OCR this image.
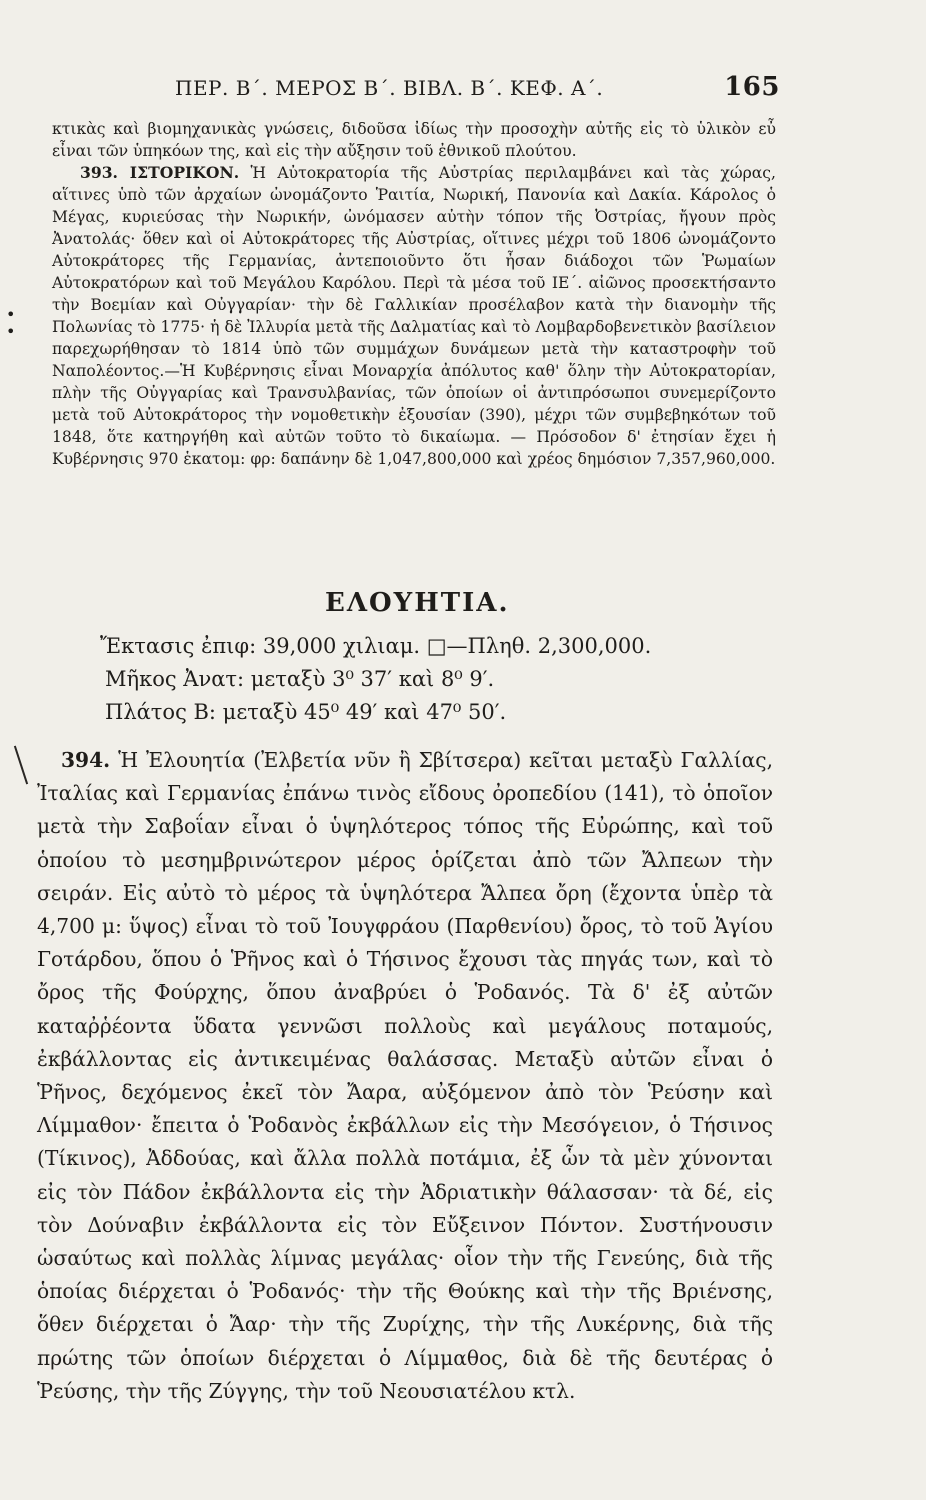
ΠΕΡ. Β΄. ΜΕΡΟΣ Β΄. ΒΙΒΛ. Β΄. ΚΕΦ. Α΄.	165

κτικὰς καὶ βιομηχανικὰς γνώσεις, διδοῦσα ἰδίως τὴν προσοχὴν αὐτῆς εἰς τὸ ὑλικὸν εὖ εἶναι τῶν ὑπηκόων της, καὶ εἰς τὴν αὔξησιν τοῦ ἐθνικοῦ πλούτου.

393. ΙΣΤΟΡΙΚΟΝ. Ἡ Αὐτοκρατορία τῆς Αὐστρίας περιλαμβάνει καὶ τὰς χώρας, αἵτινες ὑπὸ τῶν ἀρχαίων ὠνομάζοντο Ῥαιτία, Νωρική, Πανονία καὶ Δακία. Κάρολος ὁ Μέγας, κυριεύσας τὴν Νωρικήν, ὠνόμασεν αὐτὴν τόπον τῆς Ὀστρίας, ἤγουν πρὸς Ἀνατολάς· ὅθεν καὶ οἱ Αὐτοκράτορες τῆς Αὐστρίας, οἵτινες μέχρι τοῦ 1806 ὠνομάζοντο Αὐτοκράτορες τῆς Γερμανίας, ἀντεποιοῦντο ὅτι ἦσαν διάδοχοι τῶν Ῥωμαίων Αὐτοκρατόρων καὶ τοῦ Μεγάλου Καρόλου. Περὶ τὰ μέσα τοῦ ΙΕ΄. αἰῶνος προσεκτήσαντο τὴν Βοεμίαν καὶ Οὐγγαρίαν· τὴν δὲ Γαλλικίαν προσέλαβον κατὰ τὴν διανομὴν τῆς Πολωνίας τὸ 1775· ἡ δὲ Ἰλλυρία μετὰ τῆς Δαλματίας καὶ τὸ Λομβαρδοβενετικὸν βασίλειον παρεχωρήθησαν τὸ 1814 ὑπὸ τῶν συμμάχων δυνάμεων μετὰ τὴν καταστροφὴν τοῦ Ναπολέοντος.—Ἡ Κυβέρνησις εἶναι Μοναρχία ἀπόλυτος καθ' ὅλην τὴν Αὐτοκρατορίαν, πλὴν τῆς Οὐγγαρίας καὶ Τρανσυλβανίας, τῶν ὁποίων οἱ ἀντιπρόσωποι συνεμερίζοντο μετὰ τοῦ Αὐτοκράτορος τὴν νομοθετικὴν ἐξουσίαν (390), μέχρι τῶν συμβεβηκότων τοῦ 1848, ὅτε κατηργήθη καὶ αὐτῶν τοῦτο τὸ δικαίωμα. — Πρόσοδον δ' ἐτησίαν ἔχει ἡ Κυβέρνησις 970 ἑκατομ: φρ: δαπάνην δὲ 1,047,800,000 καὶ χρέος δημόσιον 7,357,960,000.

ΕΛΟΥΗΤΙΑ.
Ἔκτασις ἐπιφ: 39,000 χιλιαμ. □—Πληθ. 2,300,000.
Μῆκος Ἀνατ: μεταξὺ 3⁰ 37′ καὶ 8⁰ 9′.
Πλάτος Β: μεταξὺ 45⁰ 49′ καὶ 47⁰ 50′.

394. Ἡ Ἐλουητία (Ἐλβετία νῦν ἢ Σβίτσερα) κεῖται μεταξὺ Γαλλίας, Ἰταλίας καὶ Γερμανίας ἐπάνω τινὸς εἴδους ὀροπεδίου (141), τὸ ὁποῖον μετὰ τὴν Σαβοΐαν εἶναι ὁ ὑψηλότερος τόπος τῆς Εὐρώπης, καὶ τοῦ ὁποίου τὸ μεσημβρινώτερον μέρος ὁρίζεται ἀπὸ τῶν Ἄλπεων τὴν σειράν. Εἰς αὐτὸ τὸ μέρος τὰ ὑψηλότερα Ἄλπεα ὄρη (ἔχοντα ὑπὲρ τὰ 4,700 μ: ὕψος) εἶναι τὸ τοῦ Ἰουγφράου (Παρθενίου) ὄρος, τὸ τοῦ Ἁγίου Γοτάρδου, ὅπου ὁ Ῥῆνος καὶ ὁ Τήσινος ἔχουσι τὰς πηγάς των, καὶ τὸ ὄρος τῆς Φούρχης, ὅπου ἀναβρύει ὁ Ῥοδανός. Τὰ δ' ἐξ αὐτῶν καταῤῥέοντα ὕδατα γεννῶσι πολλοὺς καὶ μεγάλους ποταμούς, ἐκβάλλοντας εἰς ἀντικειμένας θαλάσσας. Μεταξὺ αὐτῶν εἶναι ὁ Ῥῆνος, δεχόμενος ἐκεῖ τὸν Ἄαρα, αὐξόμενον ἀπὸ τὸν Ῥεύσην καὶ Λίμμαθον· ἔπειτα ὁ Ῥοδανὸς ἐκβάλλων εἰς τὴν Μεσόγειον, ὁ Τήσινος (Τίκινος), Ἀδδούας, καὶ ἄλλα πολλὰ ποτάμια, ἐξ ὧν τὰ μὲν χύνονται εἰς τὸν Πάδον ἐκβάλλοντα εἰς τὴν Ἀδριατικὴν θάλασσαν· τὰ δέ, εἰς τὸν Δούναβιν ἐκβάλλοντα εἰς τὸν Εὔξεινον Πόντον. Συστήνουσιν ὡσαύτως καὶ πολλὰς λίμνας μεγάλας· οἷον τὴν τῆς Γενεύης, διὰ τῆς ὁποίας διέρχεται ὁ Ῥοδανός· τὴν τῆς Θούκης καὶ τὴν τῆς Βριένσης, ὅθεν διέρχεται ὁ Ἄαρ· τὴν τῆς Ζυρίχης, τὴν τῆς Λυκέρνης, διὰ τῆς πρώτης τῶν ὁποίων διέρχεται ὁ Λίμμαθος, διὰ δὲ τῆς δευτέρας ὁ Ῥεύσης, τὴν τῆς Ζύγγης, τὴν τοῦ Νεουσιατέλου κτλ.

•
•
